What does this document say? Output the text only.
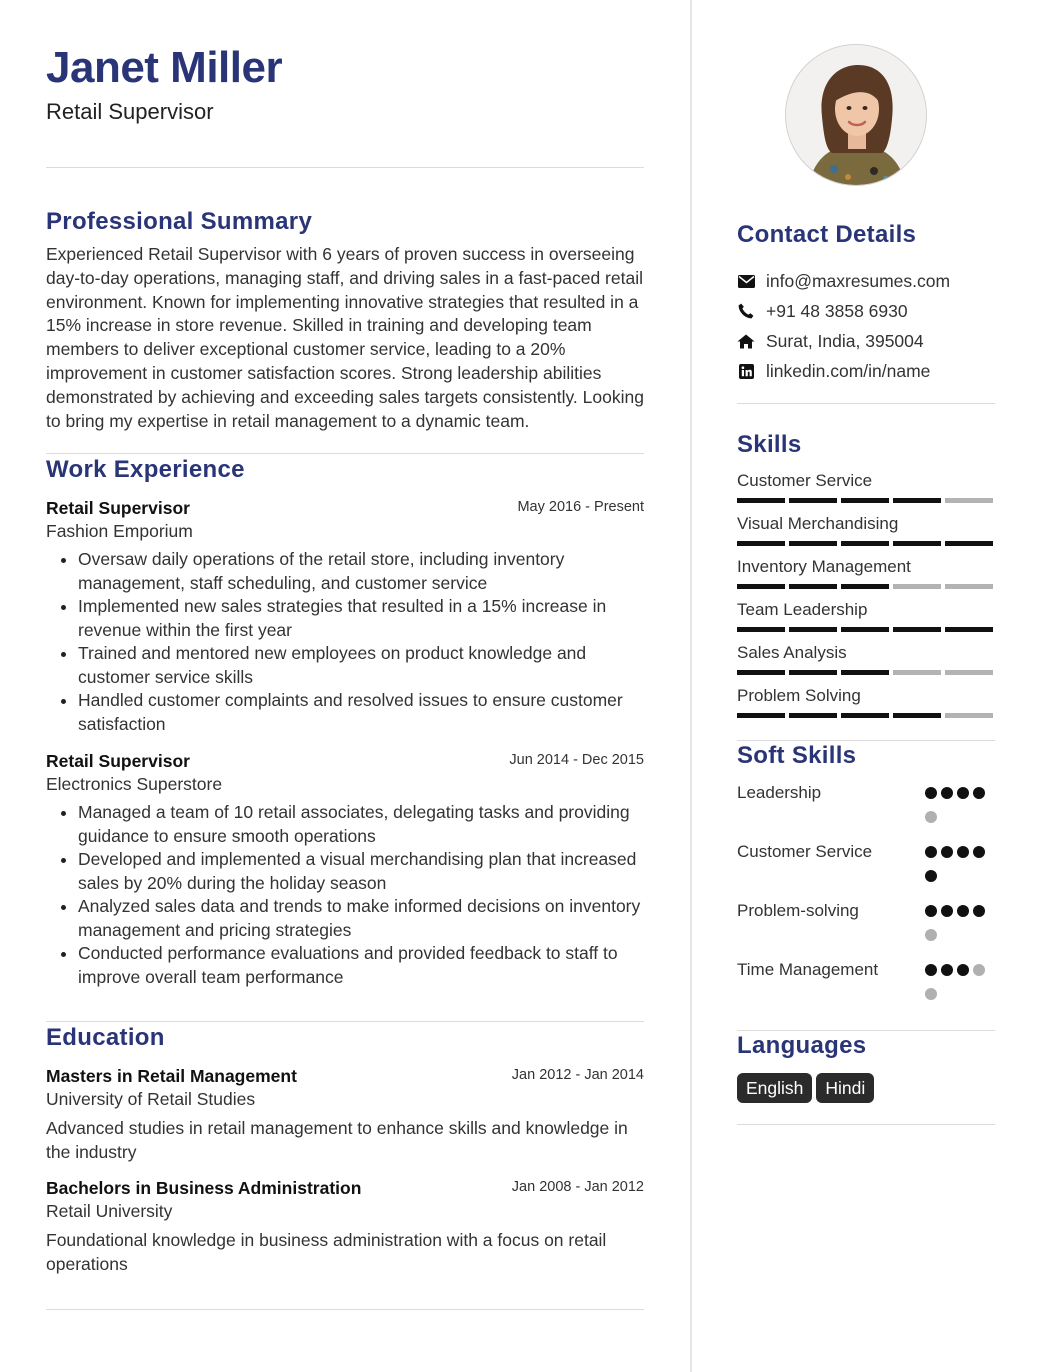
Janet Miller
Retail Supervisor
Professional Summary
Experienced Retail Supervisor with 6 years of proven success in overseeing day-to-day operations, managing staff, and driving sales in a fast-paced retail environment. Known for implementing innovative strategies that resulted in a 15% increase in store revenue. Skilled in training and developing team members to deliver exceptional customer service, leading to a 20% improvement in customer satisfaction scores. Strong leadership abilities demonstrated by achieving and exceeding sales targets consistently. Looking to bring my expertise in retail management to a dynamic team.
Work Experience
Retail Supervisor	May 2016 - Present
Fashion Emporium
Oversaw daily operations of the retail store, including inventory management, staff scheduling, and customer service
Implemented new sales strategies that resulted in a 15% increase in revenue within the first year
Trained and mentored new employees on product knowledge and customer service skills
Handled customer complaints and resolved issues to ensure customer satisfaction
Retail Supervisor	Jun 2014 - Dec 2015
Electronics Superstore
Managed a team of 10 retail associates, delegating tasks and providing guidance to ensure smooth operations
Developed and implemented a visual merchandising plan that increased sales by 20% during the holiday season
Analyzed sales data and trends to make informed decisions on inventory management and pricing strategies
Conducted performance evaluations and provided feedback to staff to improve overall team performance
Education
Masters in Retail Management	Jan 2012 - Jan 2014
University of Retail Studies
Advanced studies in retail management to enhance skills and knowledge in the industry
Bachelors in Business Administration	Jan 2008 - Jan 2012
Retail University
Foundational knowledge in business administration with a focus on retail operations
Contact Details
info@maxresumes.com
+91 48 3858 6930
Surat, India, 395004
linkedin.com/in/name
Skills
Customer Service
Visual Merchandising
Inventory Management
Team Leadership
Sales Analysis
Problem Solving
Soft Skills
Leadership
Customer Service
Problem-solving
Time Management
Languages
English Hindi
